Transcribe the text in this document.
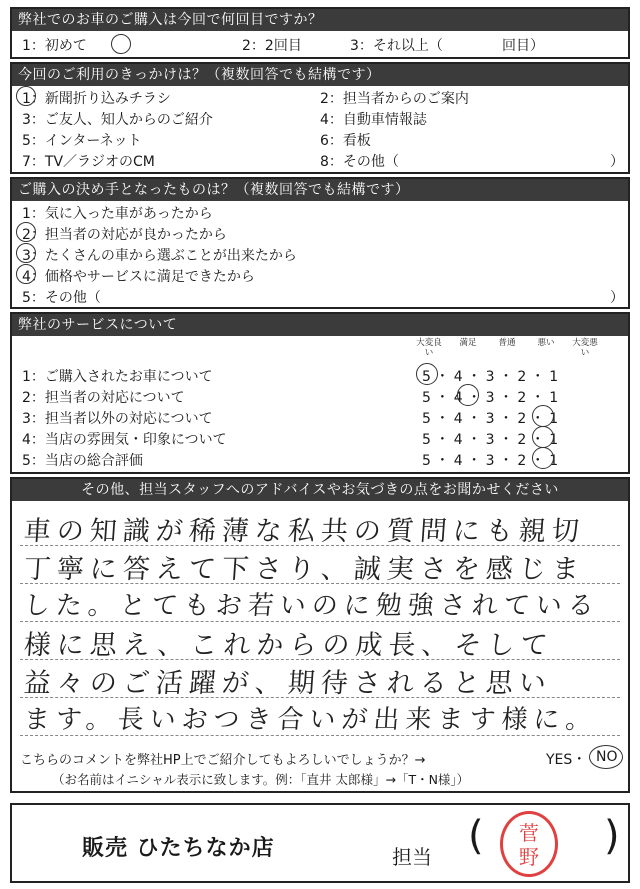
弊社でのお車のご購入は今回で何回目ですか？
1：初めて	2：2回目	3：それ以上（	回目）
今回のご利用のきっかけは？（複数回答でも結構です）
1：新聞折り込みチラシ	2：担当者からのご案内
3：ご友人、知人からのご紹介	4：自動車情報誌
5：インターネット	6：看板
7：TV／ラジオのCM	8：その他（	）
ご購入の決め手となったものは？（複数回答でも結構です）
1：気に入った車があったから
2：担当者の対応が良かったから
3：たくさんの車から選ぶことが出来たから
4：価格やサービスに満足できたから
5：その他（	）
弊社のサービスについて
大変良い
満足	普通	悪い	大変悪い
1：ご購入されたお車について	5 ・ 4 ・ 3 ・ 2 ・ 1
2：担当者の対応について	5 ・ 4 ・ 3 ・ 2 ・ 1
3：担当者以外の対応について	5 ・ 4 ・ 3 ・ 2 ・ 1
4：当店の雰囲気・印象について	5 ・ 4 ・ 3 ・ 2 ・ 1
5：当店の総合評価	5 ・ 4 ・ 3 ・ 2 ・ 1
その他、担当スタッフへのアドバイスやお気づきの点をお聞かせください
車の知識が稀薄な私共の質問にも親切
丁寧に答えて下さり、誠実さを感じま
した。とてもお若いのに勉強されている
様に思え、これからの成長、そして
益々のご活躍が、期待されると思い
ます。長いおつき合いが出来ます様に。
こちらのコメントを弊社HP上でご紹介してもよろしいでしょうか？→	YES・ NO
（お名前はイニシャル表示に致します。例：「直井 太郎様」→「T・N様」）
販売 ひたちなか店	担当 (	)
菅
野
